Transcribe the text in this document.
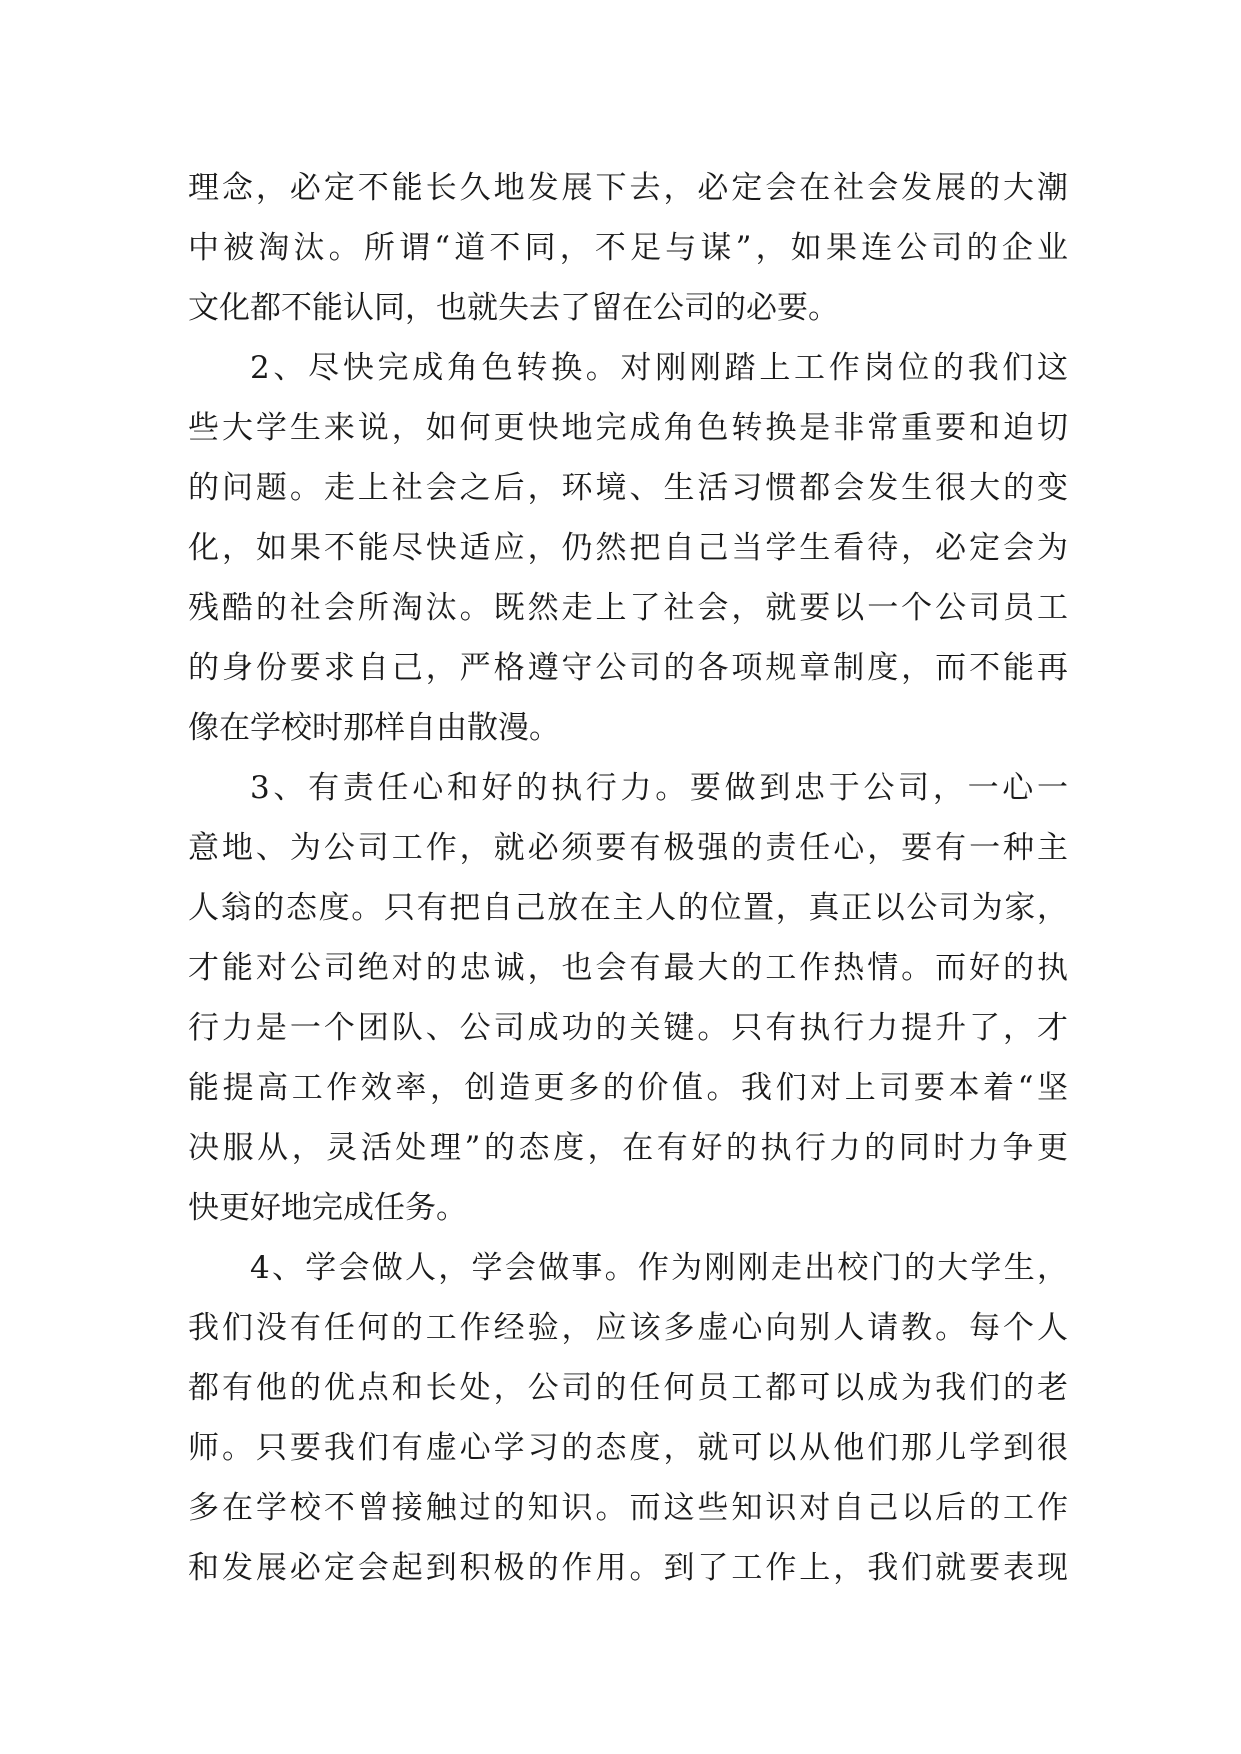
理念，必定不能长久地发展下去，必定会在社会发展的大潮
中被淘汰。所谓“道不同，不足与谋”，如果连公司的企业
文化都不能认同，也就失去了留在公司的必要。
2、尽快完成角色转换。对刚刚踏上工作岗位的我们这
些大学生来说，如何更快地完成角色转换是非常重要和迫切
的问题。走上社会之后，环境、生活习惯都会发生很大的变
化，如果不能尽快适应，仍然把自己当学生看待，必定会为
残酷的社会所淘汰。既然走上了社会，就要以一个公司员工
的身份要求自己，严格遵守公司的各项规章制度，而不能再
像在学校时那样自由散漫。
3、有责任心和好的执行力。要做到忠于公司，一心一
意地、为公司工作，就必须要有极强的责任心，要有一种主
人翁的态度。只有把自己放在主人的位置，真正以公司为家，
才能对公司绝对的忠诚，也会有最大的工作热情。而好的执
行力是一个团队、公司成功的关键。只有执行力提升了，才
能提高工作效率，创造更多的价值。我们对上司要本着“坚
决服从，灵活处理”的态度，在有好的执行力的同时力争更
快更好地完成任务。
4、学会做人，学会做事。作为刚刚走出校门的大学生，
我们没有任何的工作经验，应该多虚心向别人请教。每个人
都有他的优点和长处，公司的任何员工都可以成为我们的老
师。只要我们有虚心学习的态度，就可以从他们那儿学到很
多在学校不曾接触过的知识。而这些知识对自己以后的工作
和发展必定会起到积极的作用。到了工作上，我们就要表现
